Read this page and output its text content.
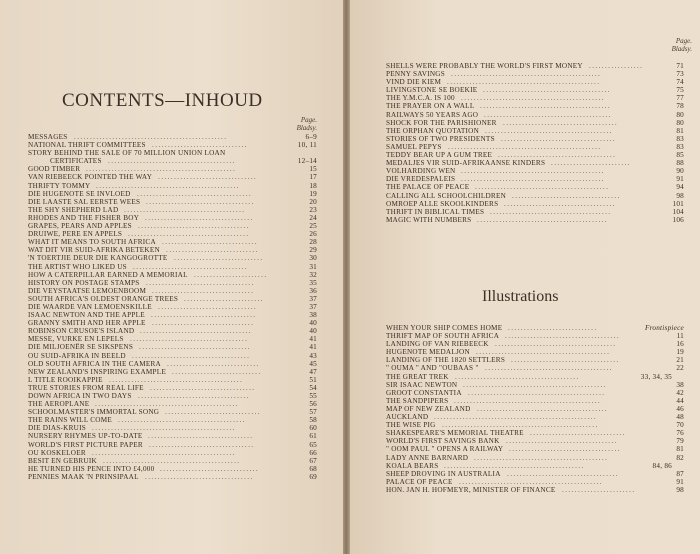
CONTENTS—INHOUD
Page.
Bladsy.
MESSAGES ................................................	6–9
NATIONAL THRIFT COMMITTEES ..............................	10, 11
STORY BEHIND THE SALE OF 70 MILLION UNION LOAN
CERTIFICATES ........................................	12–14
GOOD TIMBER ...............................................	15
VAN RIEBEECK POINTED THE WAY ...............................	17
THRIFTY TOMMY .............................................	18
DIE HUGENOTE SE INVLOED ....................................	19
DIE LAASTE SAL EERSTE WEES ..................................	20
THE SHY SHEPHERD LAD ......................................	23
RHODES AND THE FISHER BOY ..................................	24
GRAPES, PEARS AND APPLES ...................................	25
DRUIWE, PERE EN APPELS ......................................	26
WHAT IT MEANS TO SOUTH AFRICA ..............................	28
WAT DIT VIR SUID-AFRIKA BETEKEN .............................	29
'N TOERTJIE DEUR DIE KANGOGROTTE ............................	30
THE ARTIST WHO LIKED US ....................................	31
HOW A CATERPILLAR EARNED A MEMORIAL .......................	32
HISTORY ON POSTAGE STAMPS ..................................	35
DIE VEYSTAATSE LEMOENBOOM ................................	36
SOUTH AFRICA'S OLDEST ORANGE TREES .........................	37
DIE WAARDE VAN LEMOENSKILLE ...............................	37
ISAAC NEWTON AND THE APPLE .................................	38
GRANNY SMITH AND HER APPLE ................................	40
ROBINSON CRUSOE'S ISLAND ...................................	40
MESSE, VURKE EN LEPELS .....................................	41
DIE MILJOENËR SE SIKSPENS ...................................	41
OU SUID-AFRIKA IN BEELD .....................................	43
OLD SOUTH AFRICA IN THE CAMERA .............................	45
NEW ZEALAND'S INSPIRING EXAMPLE ............................	47
L TITLE ROOIKAPPIE ..........................................	51
TRUE STORIES FROM REAL LIFE .................................	54
DOWN AFRICA IN TWO DAYS ...................................	55
THE AEROPLANE .............................................	56
SCHOOLMASTER'S IMMORTAL SONG ..............................	57
THE RAINS WILL COME ........................................	58
DIE DIAS-KRUIS .............................................	60
NURSERY RHYMES UP-TO-DATE .................................	61
WORLD'S FIRST PICTURE PAPER .................................	65
OU KOSKELOER .............................................	66
BESIT EN GEBRUIK ...........................................	67
HE TURNED HIS PENCE INTO £4,000 ...............................	68
PENNIES MAAK 'N PRINSIPAAL ..................................	69
Page.
Bladsy.
SHELLS WERE PROBABLY THE WORLD'S FIRST MONEY .................	71
PENNY SAVINGS ...............................................	73
VIND DIE KIEM ................................................	74
LIVINGSTONE SE BOEKIE ........................................	75
THE Y.M.C.A. IS 100 .............................................	77
THE PRAYER ON A WALL .........................................	78
RAILWAYS 50 YEARS AGO ........................................	80
SHOCK FOR THE PARISHIONER ....................................	80
THE ORPHAN QUOTATION ........................................	81
STORIES OF TWO PRESIDENTS ....................................	83
SAMUEL PEPYS ................................................	83
TEDDY BEAR UP A GUM TREE .....................................	85
MEDALJES VIR SUID-AFRIKAANSE KINDERS .........................	88
VOLHARDING WEN .............................................	90
DIE VREDESPALEIS .............................................	91
THE PALACE OF PEACE ..........................................	94
CALLING ALL SCHOOLCHILDREN ..................................	98
OMROEP ALLE SKOOLKINDERS ...................................	101
THRIFT IN BIBLICAL TIMES ......................................	104
MAGIC WITH NUMBERS .........................................	106
Illustrations
WHEN YOUR SHIP COMES HOME ............................	Frontispiece
THRIFT MAP OF SOUTH AFRICA ....................................	11
LANDING OF VAN RIEBEECK ......................................	16
HUGENOTE MEDALJON ..........................................	19
LANDING OF THE 1820 SETTLERS ..................................	21
" OUMA " AND "OUBAAS " ........................................	22
THE GREAT TREK .......................................	33, 34, 35
SIR ISAAC NEWTON .............................................	38
GROOT CONSTANTIA ...........................................	42
THE SANDPIPERS ..............................................	44
MAP OF NEW ZEALAND .........................................	46
AUCKLAND ...................................................	48
THE WISE PIG .................................................	70
SHAKESPEARE'S MEMORIAL THEATRE ..............................	76
WORLD'S FIRST SAVINGS BANK ...................................	79
" OOM PAUL " OPENS A RAILWAY ...................................	81
LADY ANNE BARNARD ..........................................	82
KOALA BEARS ............................................	84, 86
SHEEP DROVING IN AUSTRALIA ...................................	87
PALACE OF PEACE .............................................	91
HON. JAN H. HOFMEYR, MINISTER OF FINANCE .......................	98
